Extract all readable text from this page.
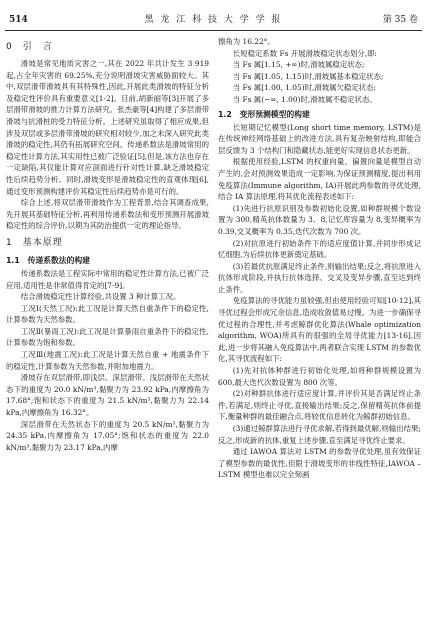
514	黑 龙 江 科 技 大 学 学 报	第 35 卷
0　引　言

滑坡是常见地质灾害之一,其在 2022 年共计发生 3 919 起,占全年灾害的 69.25%,充分说明滑坡灾害威胁面较大。其中,双层滑带滑坡具有其特殊性,因此,开展此类滑坡的特征分析及稳定性评价具有重要意义[1-2]。目前,胡新丽等[3]开展了多层滑带滑坡的推力计算方法研究。张杰豪等[4]构建了多层滑带滑坡与抗滑桩的受力特征分析。上述研究虽取得了相应成果,但涉及双层或多层滑带滑坡的研究相对较少,加之未深入研究此类滑坡的稳定性,其仍有拓展研究空间。传递系数法是滑坡常用的稳定性计算方法,其实用性已被广泛验证[5],但是,该方法也存在一定缺陷,其仅能计算对应剖面进行针对性计算,缺乏滑坡稳定性后续趋势分析。同时,滑坡变形是滑坡稳定性的直观体现[6],通过变形预测构建评价其稳定性后续趋势亦是可行的。

综合上述,将双层滑带滑坡作为工程背景,结合其调查成果,先开展其基础特征分析,再利用传递系数法和变形预测开展滑坡稳定性的综合评价,以期为其防治提供一定的理论指导。

1　基本原理
1.1　传递系数法的构建

传递系数法是工程实际中常用的稳定性计算方法,已被广泛应用,适用性是非常值得肯定的[7-9]。

结合滑坡稳定性计算经验,共设置 3 种计算工况。

工况Ⅰ(天然工况):此工况是计算天然自重条件下的稳定性,计算参数为天然参数。

工况Ⅱ(暴雨工况):此工况是计算暴雨自重条件下的稳定性,计算参数为饱和参数。

工况Ⅲ(地震工况):此工况是计算天然自重 + 地震条件下的稳定性,计算参数为天然参数,并附加地震力。

滑坡存在双层滑带,即浅层、深层滑带。浅层滑带在天然状态下的重度为 20.0 kN/m³,黏聚力为 23.92 kPa,内摩擦角为 17.68°;饱和状态下的重度为 21.5 kN/m³,黏聚力为 22.14 kPa,内摩擦角为 16.32°。

深层滑带在天然状态下的重度为 20.5 kN/m³,黏聚力为 24.35 kPa,内摩擦角为 17.05°;饱和状态的重度为 22.0 kN/m³,黏聚力为 23.17 kPa,内摩

擦角为 16.22°。

长短稳定系数 Fs 开展滑坡稳定状态划分,即:

当 Fs 属[1.15, +∞)时,滑坡属稳定状态;

当 Fs 属[1.05, 1.15)时,滑坡属基本稳定状态;

当 Fs 属[1.00, 1.05)时,滑坡属欠稳定状态;

当 Fs 属(−∞, 1.00)时,滑坡属不稳定状态。

1.2　变形预测模型的构建

长短期记忆模型(Long short time memory, LSTM)是在传统神经网络基础上的改进方法,具有复杂映射结构,即能合层反馈为 3 个结构门和隐藏状态,能更好实现信息状态更新。

根据使用经验,LSTM 的权重向量、偏置向量是模型自动产生的,会对预测效果造成一定影响,为保证预测精度,提出利用免疫算法(Immune algorithm, IA)开展此两参数的寻优处理,结合 IA 算法原理,将其优化流程表述如下:

(1)先进行抗原识别及参数初始化设置,如种群规模个数设置为 300,精英抗体数量为 3、8,记忆库容量为 8,变异概率为 0.39,交叉概率为 0.35,迭代次数为 700 次。

(2)对抗原进行初始条件下的适应度值计算,并同步形成记忆细胞,为后续抗体更新奠定基础。

(3)若最优抗原满足终止条件,则输出结果;反之,将抗原进入抗体形成阶段,并执行抗体选择、交叉及变异步骤,直至达到终止条件。

免疫算法的寻优能力虽较强,但由使用经验可知[10-12],其寻优过程会形成冗余信息,造成收敛值易过慢。为进一步确保寻优过程的合理性,并考虑鲸群优化算法(Whale optimization algorithm, WOA)所具有的很强的全局寻优能力[13-16],因此,进一步将其融入免疫算法中,两者联合实现 LSTM 的参数优化,其寻优流程如下:

(1)先对抗体种群进行初始化处理,如将种群规模设置为 600,最大迭代次数设置为 800 次等。

(2)对种群抗体进行适应度计算,并评价其是否满足终止条件,若满足,则终止寻优,直接输出结果;反之,保留精英抗体前提下,衡量种群的最佳融合点,将较优信息转化为鲸群初始信息。

(3)通过鲸群算法进行寻优求解,若得到最优解,则输出结果;反之,形成新的抗体,重复上述步骤,直至满足寻优终止要求。

通过 IAWOA 算法对 LSTM 的参数寻优处理,虽有效保证了模型参数的最优性,但限于滑坡变形的非线性特征,IAWOA – LSTM 模型也难以完全刻画
